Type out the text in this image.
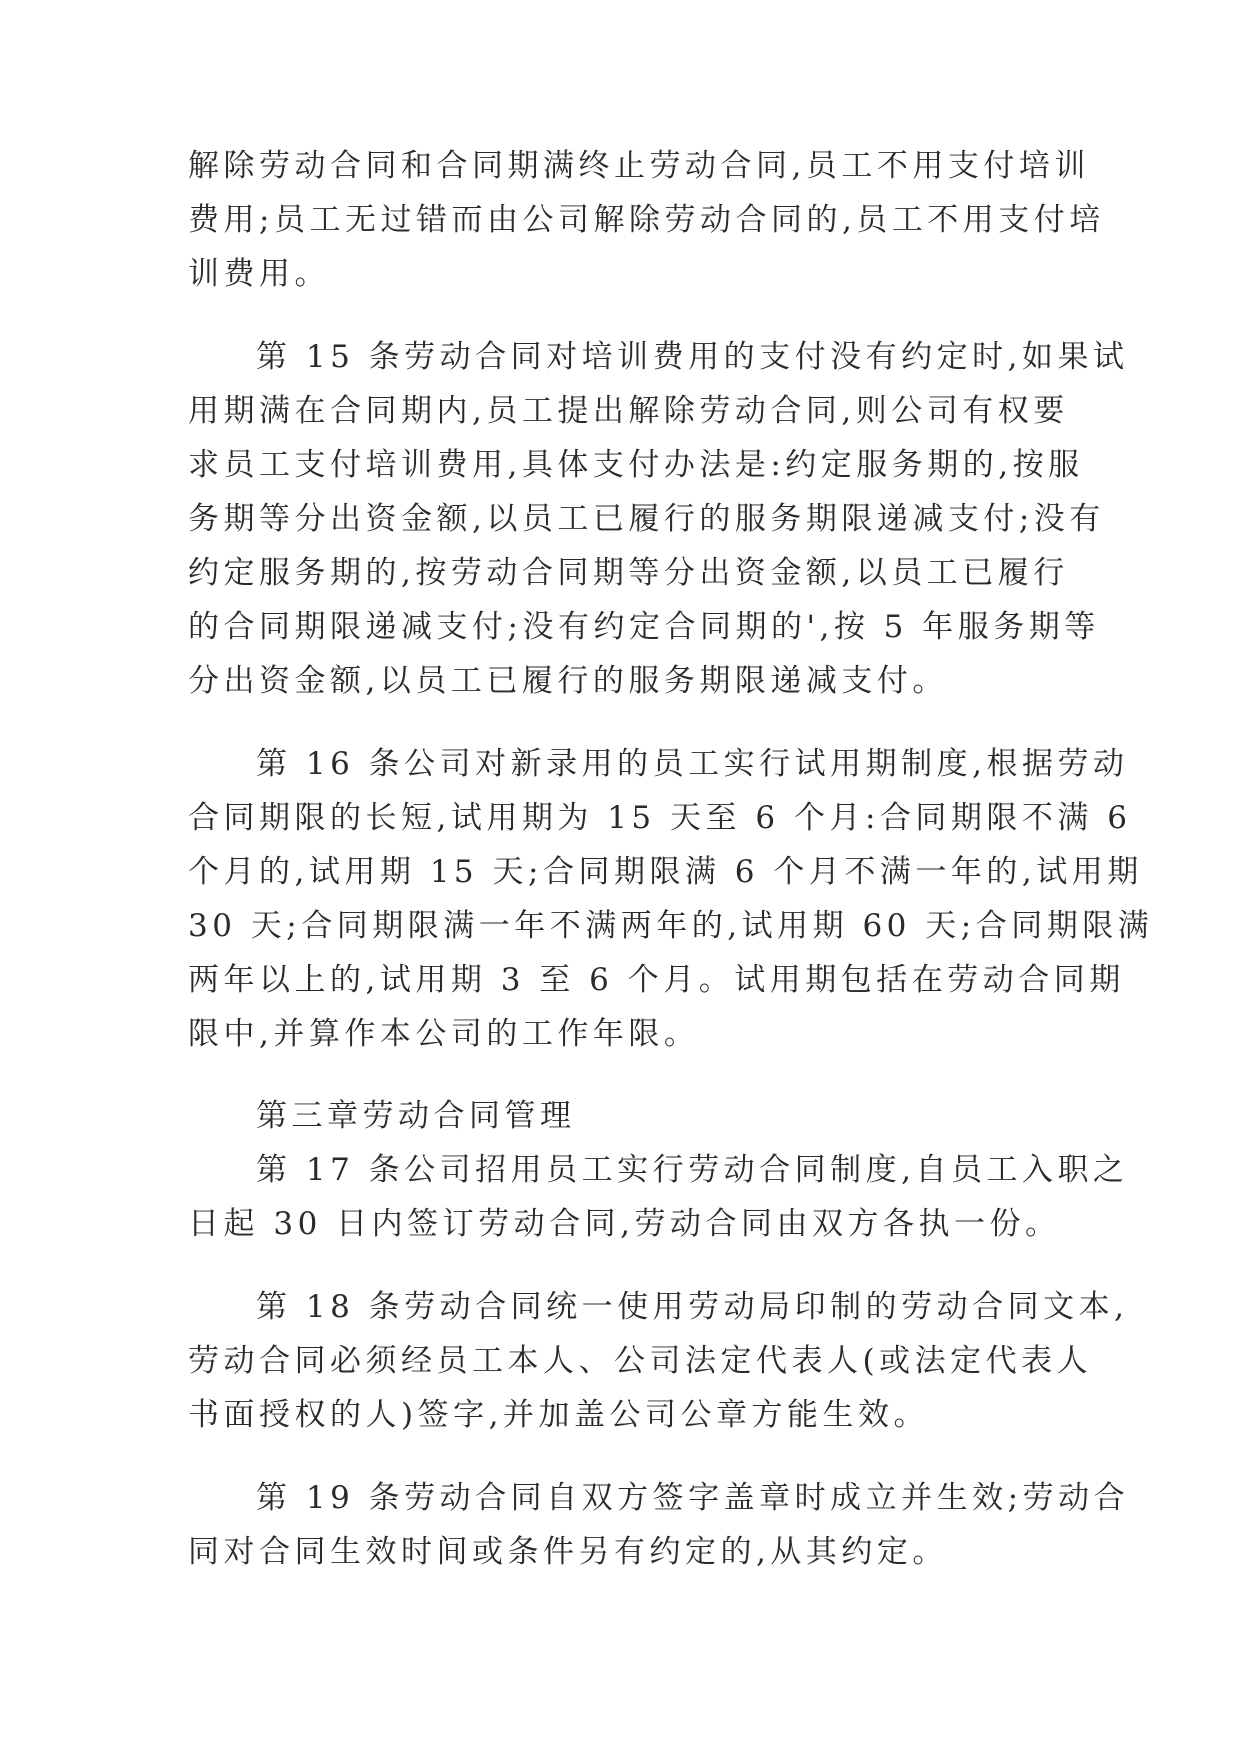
解除劳动合同和合同期满终止劳动合同,员工不用支付培训
费用;员工无过错而由公司解除劳动合同的,员工不用支付培
训费用。
第 15 条劳动合同对培训费用的支付没有约定时,如果试
用期满在合同期内,员工提出解除劳动合同,则公司有权要
求员工支付培训费用,具体支付办法是:约定服务期的,按服
务期等分出资金额,以员工已履行的服务期限递减支付;没有
约定服务期的,按劳动合同期等分出资金额,以员工已履行
的合同期限递减支付;没有约定合同期的',按 5 年服务期等
分出资金额,以员工已履行的服务期限递减支付。
第 16 条公司对新录用的员工实行试用期制度,根据劳动
合同期限的长短,试用期为 15 天至 6 个月:合同期限不满 6
个月的,试用期 15 天;合同期限满 6 个月不满一年的,试用期
30 天;合同期限满一年不满两年的,试用期 60 天;合同期限满
两年以上的,试用期 3 至 6 个月。试用期包括在劳动合同期
限中,并算作本公司的工作年限。
第三章劳动合同管理
第 17 条公司招用员工实行劳动合同制度,自员工入职之
日起 30 日内签订劳动合同,劳动合同由双方各执一份。
第 18 条劳动合同统一使用劳动局印制的劳动合同文本,
劳动合同必须经员工本人、公司法定代表人(或法定代表人
书面授权的人)签字,并加盖公司公章方能生效。
第 19 条劳动合同自双方签字盖章时成立并生效;劳动合
同对合同生效时间或条件另有约定的,从其约定。
